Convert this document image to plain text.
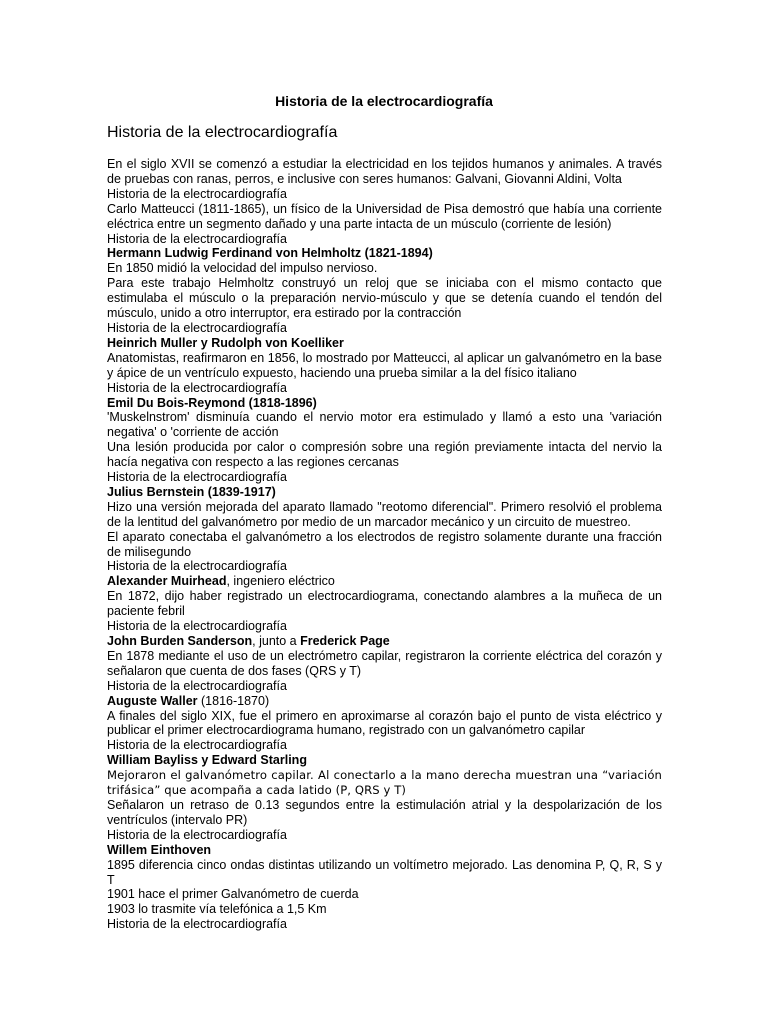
Historia de la electrocardiografía
Historia de la electrocardiografía

En el siglo XVII se comenzó a estudiar la electricidad en los tejidos humanos y animales. A través de pruebas con ranas, perros, e inclusive con seres humanos: Galvani, Giovanni Aldini, Volta

Historia de la electrocardiografía

Carlo Matteucci (1811-1865), un físico de la Universidad de Pisa demostró que había una corriente eléctrica entre un segmento dañado y una parte intacta de un músculo (corriente de lesión)

Historia de la electrocardiografía

Hermann Ludwig Ferdinand von Helmholtz (1821-1894)

En 1850 midió la velocidad del impulso nervioso.

Para este trabajo Helmholtz construyó un reloj que se iniciaba con el mismo contacto que estimulaba el músculo o la preparación nervio-músculo y que se detenía cuando el tendón del músculo, unido a otro interruptor, era estirado por la contracción

Historia de la electrocardiografía

Heinrich Muller y Rudolph von Koelliker

Anatomistas, reafirmaron en 1856, lo mostrado por Matteucci, al aplicar un galvanómetro en la base y ápice de un ventrículo expuesto, haciendo una prueba similar a la del físico italiano

Historia de la electrocardiografía

Emil Du Bois-Reymond (1818-1896)

'Muskelnstrom' disminuía cuando el nervio motor era estimulado y llamó a esto una 'variación negativa' o 'corriente de acción

Una lesión producida por calor o compresión sobre una región previamente intacta del nervio la hacía negativa con respecto a las regiones cercanas

Historia de la electrocardiografía

Julius Bernstein (1839-1917)

Hizo una versión mejorada del aparato llamado "reotomo diferencial". Primero resolvió el problema de la lentitud del galvanómetro por medio de un marcador mecánico y un circuito de muestreo.

El aparato conectaba el galvanómetro a los electrodos de registro solamente durante una fracción de milisegundo

Historia de la electrocardiografía

Alexander Muirhead, ingeniero eléctrico

En 1872, dijo haber registrado un electrocardiograma, conectando alambres a la muñeca de un paciente febril

Historia de la electrocardiografía

John Burden Sanderson, junto a Frederick Page

En 1878 mediante el uso de un electrómetro capilar, registraron la corriente eléctrica del corazón y señalaron que cuenta de dos fases (QRS y T)

Historia de la electrocardiografía

Auguste Waller (1816-1870)

A finales del siglo XIX, fue el primero en aproximarse al corazón bajo el punto de vista eléctrico y publicar el primer electrocardiograma humano, registrado con un galvanómetro capilar

Historia de la electrocardiografía

William Bayliss y Edward Starling

Mejoraron el galvanómetro capilar. Al conectarlo a la mano derecha muestran una “variación trifásica” que acompaña a cada latido (P, QRS y T)

Señalaron un retraso de 0.13 segundos entre la estimulación atrial y la despolarización de los ventrículos (intervalo PR)

Historia de la electrocardiografía

Willem Einthoven

1895 diferencia cinco ondas distintas utilizando un voltímetro mejorado. Las denomina P, Q, R, S y T

1901 hace el primer Galvanómetro de cuerda

1903 lo trasmite vía telefónica a 1,5 Km

Historia de la electrocardiografía
